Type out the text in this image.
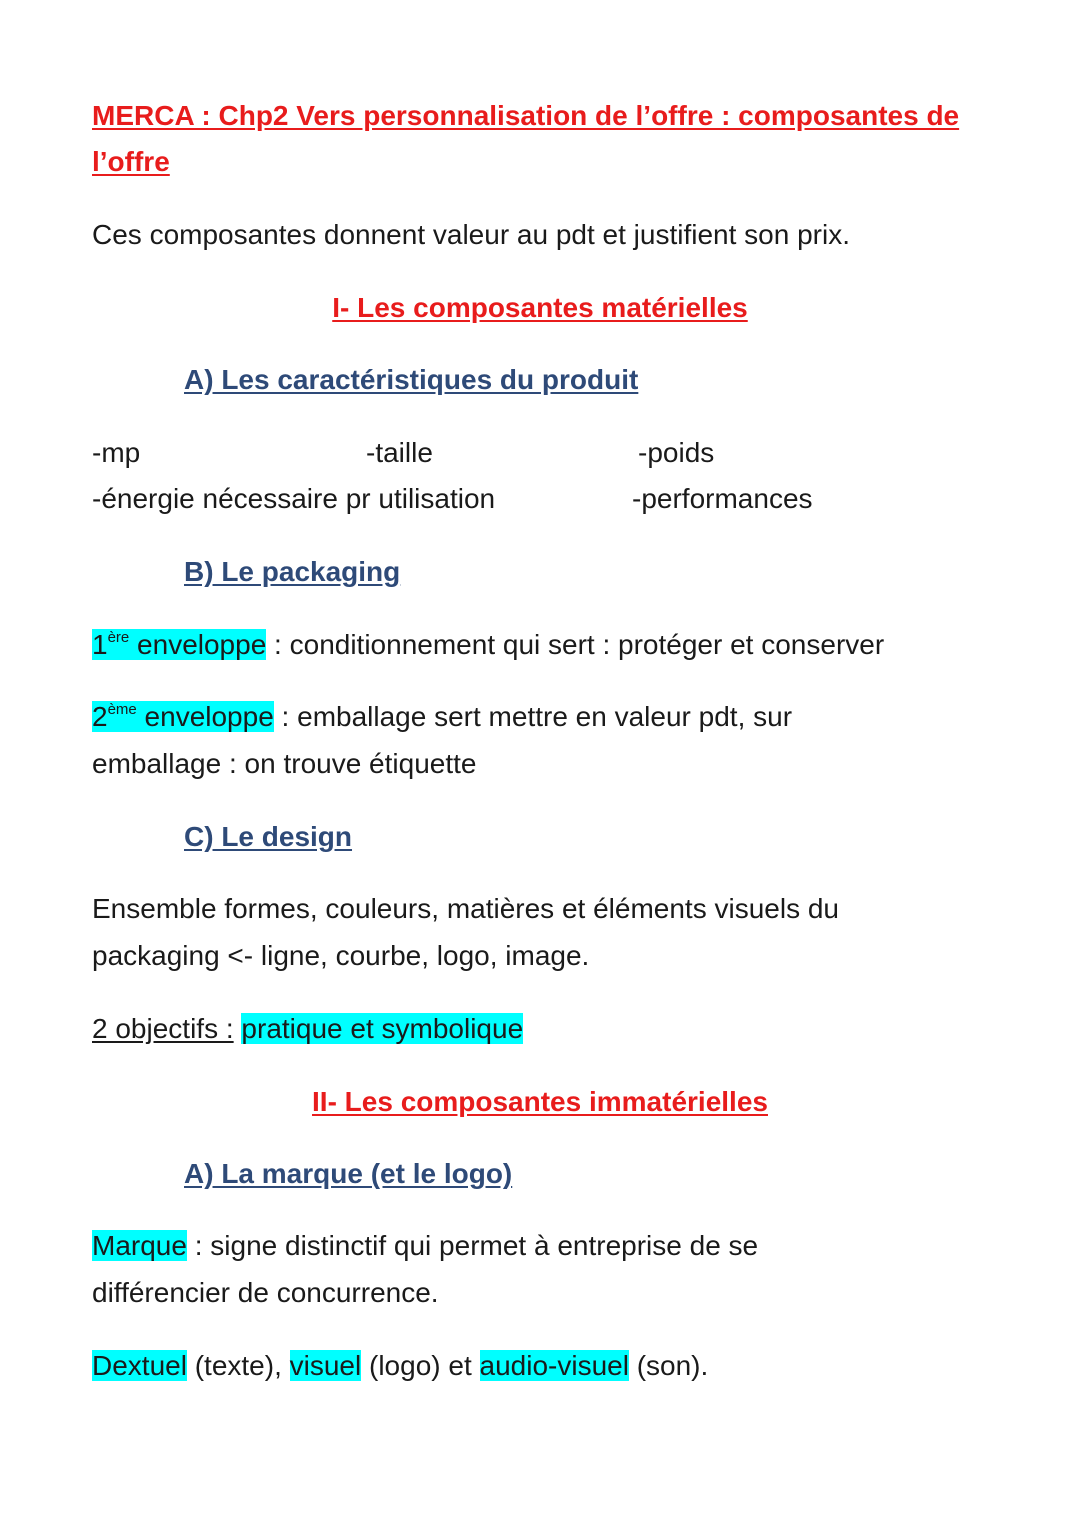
MERCA : Chp2 Vers personnalisation de l’offre : composantes de
l’offre
Ces composantes donnent valeur au pdt et justifient son prix.
I- Les composantes matérielles
A) Les caractéristiques du produit
-mp	-taille	-poids
-énergie nécessaire pr utilisation	-performances
B) Le packaging
1ère enveloppe : conditionnement qui sert : protéger et conserver
2ème enveloppe : emballage sert mettre en valeur pdt, sur
emballage : on trouve étiquette
C) Le design
Ensemble formes, couleurs, matières et éléments visuels du
packaging <- ligne, courbe, logo, image.
2 objectifs : pratique et symbolique
II- Les composantes immatérielles
A) La marque (et le logo)
Marque : signe distinctif qui permet à entreprise de se
différencier de concurrence.
Dextuel (texte), visuel (logo) et audio-visuel (son).
